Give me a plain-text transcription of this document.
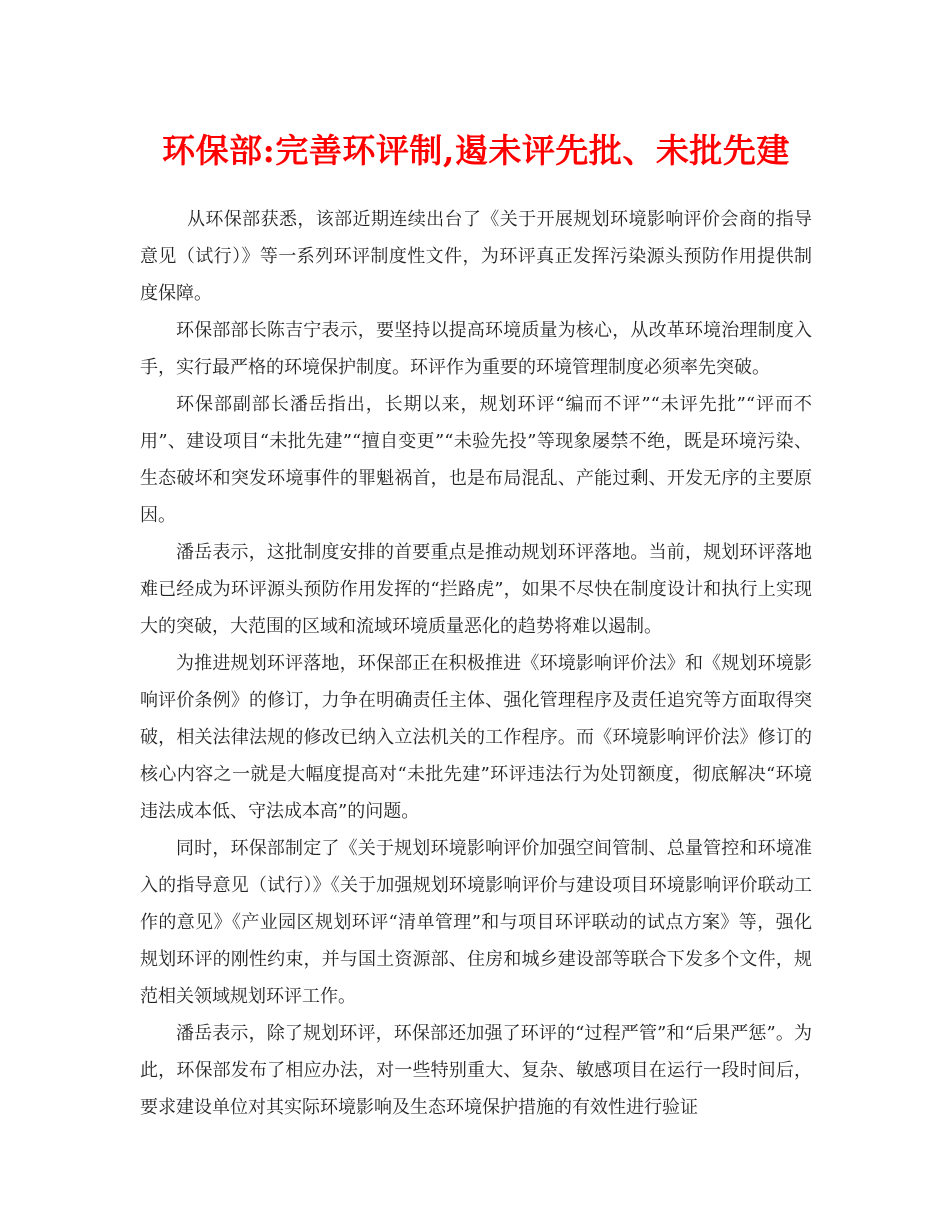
环保部:完善环评制,遏未评先批、未批先建

从环保部获悉，该部近期连续出台了《关于开展规划环境影响评价会商的指导意见（试行）》等一系列环评制度性文件，为环评真正发挥污染源头预防作用提供制度保障。

环保部部长陈吉宁表示，要坚持以提高环境质量为核心，从改革环境治理制度入手，实行最严格的环境保护制度。环评作为重要的环境管理制度必须率先突破。

环保部副部长潘岳指出，长期以来，规划环评“编而不评”“未评先批”“评而不用”、建设项目“未批先建”“擅自变更”“未验先投”等现象屡禁不绝，既是环境污染、生态破坏和突发环境事件的罪魁祸首，也是布局混乱、产能过剩、开发无序的主要原因。

潘岳表示，这批制度安排的首要重点是推动规划环评落地。当前，规划环评落地难已经成为环评源头预防作用发挥的“拦路虎”，如果不尽快在制度设计和执行上实现大的突破，大范围的区域和流域环境质量恶化的趋势将难以遏制。

为推进规划环评落地，环保部正在积极推进《环境影响评价法》和《规划环境影响评价条例》的修订，力争在明确责任主体、强化管理程序及责任追究等方面取得突破，相关法律法规的修改已纳入立法机关的工作程序。而《环境影响评价法》修订的核心内容之一就是大幅度提高对“未批先建”环评违法行为处罚额度，彻底解决“环境违法成本低、守法成本高”的问题。

同时，环保部制定了《关于规划环境影响评价加强空间管制、总量管控和环境准入的指导意见（试行）》《关于加强规划环境影响评价与建设项目环境影响评价联动工作的意见》《产业园区规划环评“清单管理”和与项目环评联动的试点方案》等，强化规划环评的刚性约束，并与国土资源部、住房和城乡建设部等联合下发多个文件，规范相关领域规划环评工作。

潘岳表示，除了规划环评，环保部还加强了环评的“过程严管”和“后果严惩”。为此，环保部发布了相应办法，对一些特别重大、复杂、敏感项目在运行一段时间后，要求建设单位对其实际环境影响及生态环境保护措施的有效性进行验证
